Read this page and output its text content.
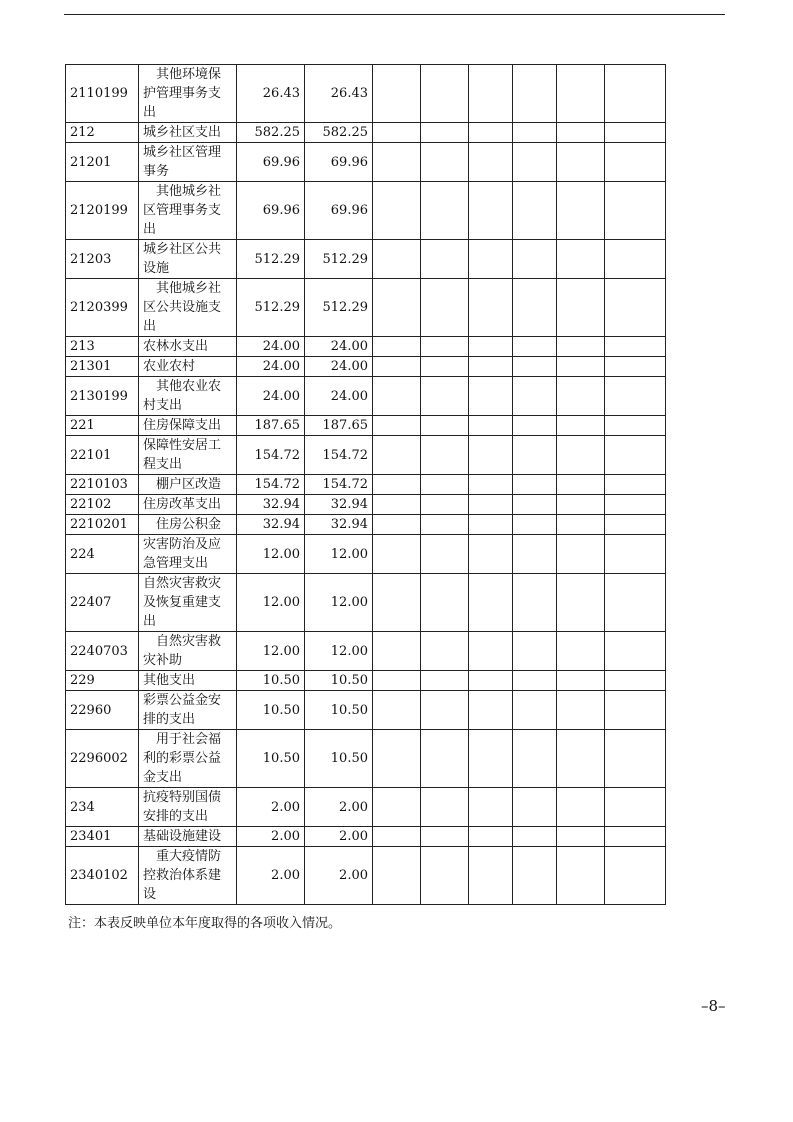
2110199	其他环境保护管理事务支出	26.43	26.43						
212	城乡社区支出	582.25	582.25						
21201	城乡社区管理事务	69.96	69.96						
2120199	其他城乡社区管理事务支出	69.96	69.96						
21203	城乡社区公共设施	512.29	512.29						
2120399	其他城乡社区公共设施支出	512.29	512.29						
213	农林水支出	24.00	24.00						
21301	农业农村	24.00	24.00						
2130199	其他农业农村支出	24.00	24.00						
221	住房保障支出	187.65	187.65						
22101	保障性安居工程支出	154.72	154.72						
2210103	棚户区改造	154.72	154.72						
22102	住房改革支出	32.94	32.94						
2210201	住房公积金	32.94	32.94						
224	灾害防治及应急管理支出	12.00	12.00						
22407	自然灾害救灾及恢复重建支出	12.00	12.00						
2240703	自然灾害救灾补助	12.00	12.00						
229	其他支出	10.50	10.50						
22960	彩票公益金安排的支出	10.50	10.50						
2296002	用于社会福利的彩票公益金支出	10.50	10.50						
234	抗疫特别国债安排的支出	2.00	2.00						
23401	基础设施建设	2.00	2.00						
2340102	重大疫情防控救治体系建设	2.00	2.00						
注：本表反映单位本年度取得的各项收入情况。
–8–
